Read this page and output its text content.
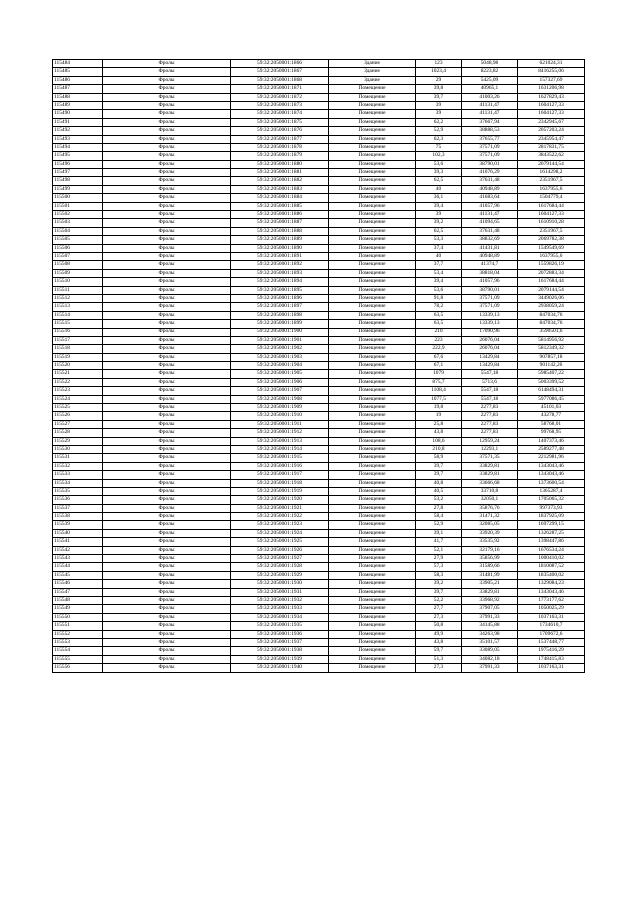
115484	Фролы	59:32:2050001:1866	Здание	123	5048,98	621024,31
115485	Фролы	59:32:2050001:1867	Здание	1023,4	8223,82	8416255,06
115486	Фролы	59:32:2050001:1868	Здание	29	5425,09	157327,69
115487	Фролы	59:32:2050001:1871	Помещение	39,8	40965,1	1631206,98
115488	Фролы	59:32:2050001:1872	Помещение	39,7	41003,26	1627829,43
115489	Фролы	59:32:2050001:1873	Помещение	39	41131,47	1604127,33
115490	Фролы	59:32:2050001:1874	Помещение	39	41131,47	1604127,33
115491	Фролы	59:32:2050001:1875	Помещение	62,2	37667,94	2342945,67
115492	Фролы	59:32:2050001:1876	Помещение	52,9	38888,53	2057203,24
115493	Фролы	59:32:2050001:1877	Помещение	62,3	37655,77	2345954,47
115494	Фролы	59:32:2050001:1878	Помещение	75	37571,09	2817831,75
115495	Фролы	59:32:2050001:1879	Помещение	102,3	37571,09	3843522,62
115496	Фролы	59:32:2050001:1880	Помещение	53,6	38790,01	2079144,54
115497	Фролы	59:32:2050001:1881	Помещение	39,3	41076,29	1614298,2
115498	Фролы	59:32:2050001:1882	Помещение	62,5	37631,48	2351967,5
115499	Фролы	59:32:2050001:1883	Помещение	40	40948,89	1637955,6
115500	Фролы	59:32:2050001:1884	Помещение	36,1	41683,64	1504779,4
115501	Фролы	59:32:2050001:1885	Помещение	39,4	41057,96	1617684,44
115502	Фролы	59:32:2050001:1886	Помещение	39	41131,47	1604127,33
115503	Фролы	59:32:2050001:1887	Помещение	39,2	41094,65	1610910,28
115504	Фролы	59:32:2050001:1888	Помещение	62,5	37631,48	2351967,5
115505	Фролы	59:32:2050001:1889	Помещение	53,3	38832,69	2069782,38
115506	Фролы	59:32:2050001:1890	Помещение	37,4	41431,81	1549549,69
115507	Фролы	59:32:2050001:1891	Помещение	40	40948,89	1637955,6
115508	Фролы	59:32:2050001:1892	Помещение	37,7	41374,7	1559826,19
115509	Фролы	59:32:2050001:1893	Помещение	53,4	38818,04	2072883,34
115510	Фролы	59:32:2050001:1894	Помещение	39,4	41057,96	1617684,44
115511	Фролы	59:32:2050001:1895	Помещение	53,6	38790,01	2079144,54
115512	Фролы	59:32:2050001:1896	Помещение	91,8	37571,09	3449026,06
115513	Фролы	59:32:2050001:1897	Помещение	78,2	37571,09	2938059,24
115514	Фролы	59:32:2050001:1898	Помещение	63,5	13339,13	847034,76
115515	Фролы	59:32:2050001:1899	Помещение	63,5	13339,13	847034,76
115516	Фролы	59:32:2050001:1900	Помещение	210	17090,96	3590501,6
115517	Фролы	59:32:2050001:1901	Помещение	223	26076,04	5814956,92
115518	Фролы	59:32:2050001:1902	Помещение	222,9	26076,04	5812349,32
115519	Фролы	59:32:2050001:1903	Помещение	67,6	13429,84	907857,18
115520	Фролы	59:32:2050001:1904	Помещение	67,1	13429,84	901142,26
115521	Фролы	59:32:2050001:1905	Помещение	1079	5547,18	5985407,22
115522	Фролы	59:32:2050001:1906	Помещение	875,7	5713,6	5003399,52
115523	Фролы	59:32:2050001:1907	Помещение	1108,4	5547,18	6148494,31
115524	Фролы	59:32:2050001:1908	Помещение	1077,5	5547,18	5977086,45
115525	Фролы	59:32:2050001:1909	Помещение	19,8	2277,83	45101,03
115526	Фролы	59:32:2050001:1910	Помещение	19	2277,83	43278,77
115527	Фролы	59:32:2050001:1911	Помещение	25,8	2277,83	58768,01
115528	Фролы	59:32:2050001:1912	Помещение	43,8	2277,83	99768,95
115529	Фролы	59:32:2050001:1913	Помещение	108,6	12959,24	1407373,46
115530	Фролы	59:32:2050001:1914	Помещение	210,8	12293,1	2589277,48
115531	Фролы	59:32:2050001:1915	Помещение	58,9	37571,35	2212981,96
115532	Фролы	59:32:2050001:1916	Помещение	39,7	33829,81	1343043,46
115533	Фролы	59:32:2050001:1917	Помещение	39,7	33829,81	1343043,46
115534	Фролы	59:32:2050001:1918	Помещение	40,8	33666,68	1373600,54
115535	Фролы	59:32:2050001:1919	Помещение	40,5	33710,8	1365287,4
115536	Фролы	59:32:2050001:1920	Помещение	53,2	32050,1	1705065,32
115537	Фролы	59:32:2050001:1921	Помещение	27,8	35876,76	997373,93
115538	Фролы	59:32:2050001:1922	Помещение	58,4	31471,32	1837925,09
115539	Фролы	59:32:2050001:1923	Помещение	52,9	32085,05	1697299,15
115540	Фролы	59:32:2050001:1924	Помещение	39,1	33920,39	1326287,25
115541	Фролы	59:32:2050001:1925	Помещение	41,7	33535,92	1398447,86
115542	Фролы	59:32:2050001:1926	Помещение	52,1	32179,16	1676534,24
115543	Фролы	59:32:2050001:1927	Помещение	27,9	35856,99	1000410,02
115544	Фролы	59:32:2050001:1928	Помещение	57,3	31589,66	1810087,52
115545	Фролы	59:32:2050001:1929	Помещение	58,3	31481,99	1835400,02
115546	Фролы	59:32:2050001:1930	Помещение	39,2	33905,21	1329084,23
115547	Фролы	59:32:2050001:1931	Помещение	39,7	33829,81	1343043,46
115548	Фролы	59:32:2050001:1932	Помещение	52,2	33968,92	1773177,62
115549	Фролы	59:32:2050001:1933	Помещение	27,7	37907,05	1050025,29
115550	Фролы	59:32:2050001:1934	Помещение	27,3	37991,33	1037163,31
115551	Фролы	59:32:2050001:1935	Помещение	50,8	34145,88	1734610,7
115552	Фролы	59:32:2050001:1936	Помещение	49,9	34263,98	1709672,6
115553	Фролы	59:32:2050001:1937	Помещение	43,8	35101,57	1537448,77
115554	Фролы	59:32:2050001:1938	Помещение	59,7	33089,05	1975416,29
115555	Фролы	59:32:2050001:1939	Помещение	51,3	34082,18	1748415,83
115556	Фролы	59:32:2050001:1940	Помещение	27,3	37991,33	1037163,31
